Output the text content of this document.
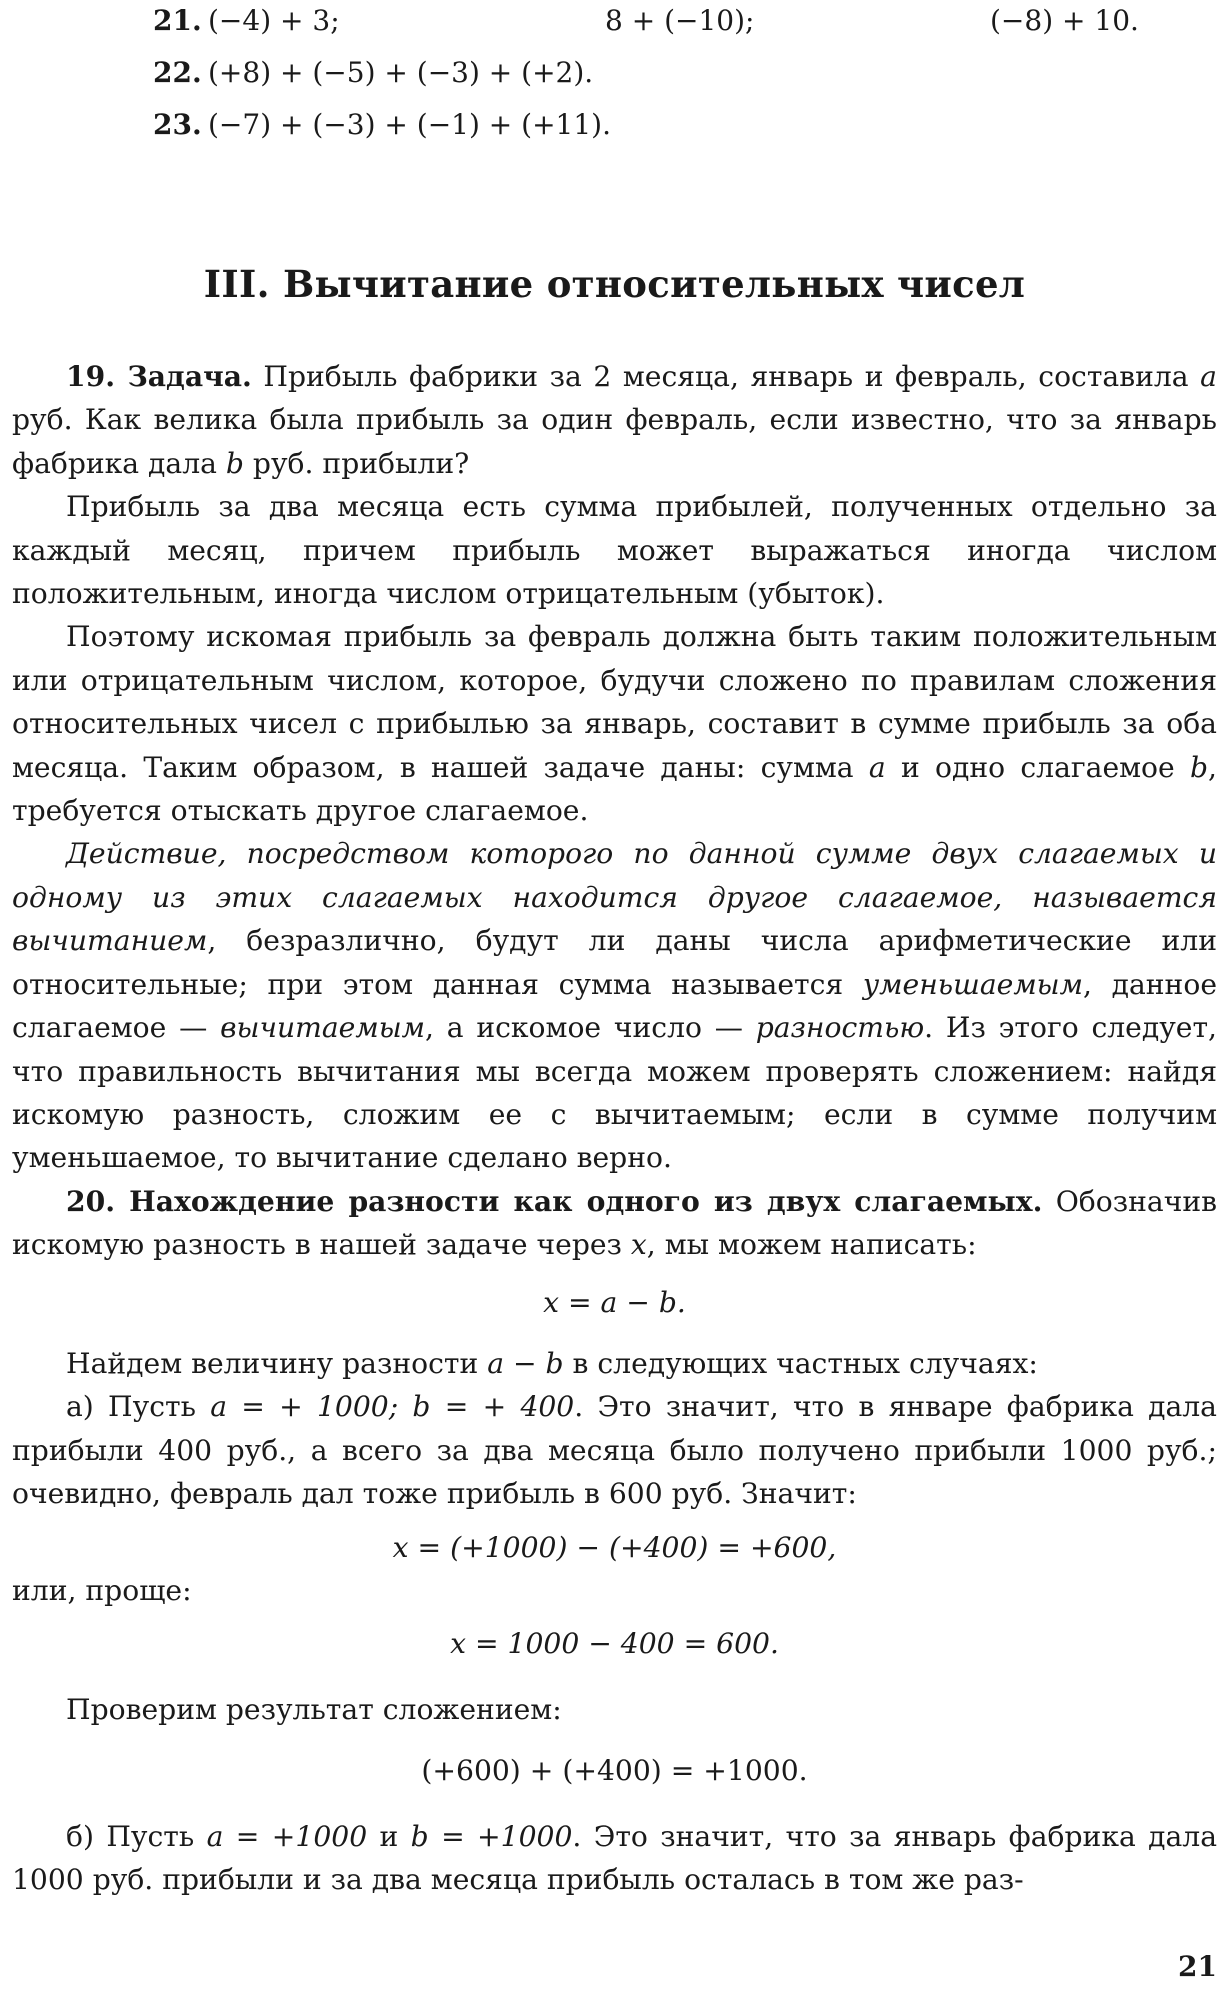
21. (−4) + 3;	8 + (−10);	(−8) + 10.
22. (+8) + (−5) + (−3) + (+2).
23. (−7) + (−3) + (−1) + (+11).
III. Вычитание относительных чисел

19. Задача. Прибыль фабрики за 2 месяца, январь и февраль, составила a руб. Как велика была прибыль за один февраль, если известно, что за январь фабрика дала b руб. прибыли?

Прибыль за два месяца есть сумма прибылей, полученных отдельно за каждый месяц, причем прибыль может выражаться иногда числом положительным, иногда числом отрицательным (убыток).

Поэтому искомая прибыль за февраль должна быть таким положительным или отрицательным числом, которое, будучи сложено по правилам сложения относительных чисел с прибылью за январь, составит в сумме прибыль за оба месяца. Таким образом, в нашей задаче даны: сумма a и одно слагаемое b, требуется отыскать другое слагаемое.

Действие, посредством которого по данной сумме двух слагаемых и одному из этих слагаемых находится другое слагаемое, называется вычитанием, безразлично, будут ли даны числа арифметические или относительные; при этом данная сумма называется уменьшаемым, данное слагаемое — вычитаемым, а искомое число — разностью. Из этого следует, что правильность вычитания мы всегда можем проверять сложением: найдя искомую разность, сложим ее с вычитаемым; если в сумме получим уменьшаемое, то вычитание сделано верно.

20. Нахождение разности как одного из двух слагаемых. Обозначив искомую разность в нашей задаче через x, мы можем написать:

x = a − b.

Найдем величину разности a − b в следующих частных случаях:

а) Пусть a = + 1000; b = + 400. Это значит, что в январе фабрика дала прибыли 400 руб., а всего за два месяца было получено прибыли 1000 руб.; очевидно, февраль дал тоже прибыль в 600 руб. Значит:

x = (+1000) − (+400) = +600,

или, проще:

x = 1000 − 400 = 600.

Проверим результат сложением:

(+600) + (+400) = +1000.

б) Пусть a = +1000 и b = +1000. Это значит, что за январь фабрика дала 1000 руб. прибыли и за два месяца прибыль осталась в том же раз-

21
